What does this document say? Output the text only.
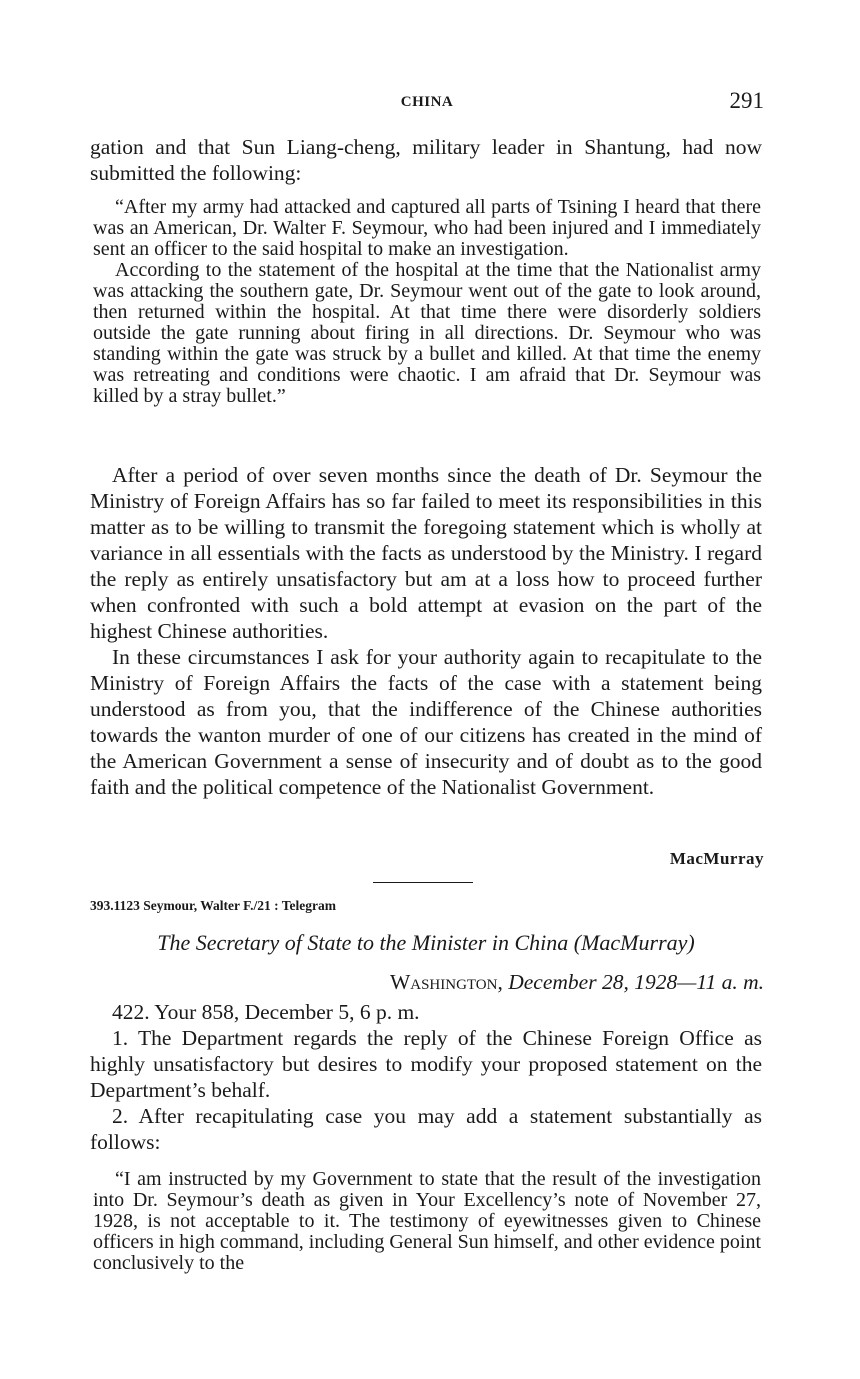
CHINA	291

gation and that Sun Liang-cheng, military leader in Shantung, had now submitted the following:

“After my army had attacked and captured all parts of Tsining I heard that there was an American, Dr. Walter F. Seymour, who had been injured and I immediately sent an officer to the said hospital to make an investigation.

According to the statement of the hospital at the time that the Nationalist army was attacking the southern gate, Dr. Seymour went out of the gate to look around, then returned within the hospital. At that time there were disorderly soldiers outside the gate running about firing in all directions. Dr. Seymour who was standing within the gate was struck by a bullet and killed. At that time the enemy was retreating and conditions were chaotic. I am afraid that Dr. Seymour was killed by a stray bullet.”

After a period of over seven months since the death of Dr. Seymour the Ministry of Foreign Affairs has so far failed to meet its responsibilities in this matter as to be willing to transmit the foregoing statement which is wholly at variance in all essentials with the facts as understood by the Ministry. I regard the reply as entirely unsatisfactory but am at a loss how to proceed further when confronted with such a bold attempt at evasion on the part of the highest Chinese authorities.

In these circumstances I ask for your authority again to recapitulate to the Ministry of Foreign Affairs the facts of the case with a statement being understood as from you, that the indifference of the Chinese authorities towards the wanton murder of one of our citizens has created in the mind of the American Government a sense of insecurity and of doubt as to the good faith and the political competence of the Nationalist Government.

MacMurray
393.1123 Seymour, Walter F./21 : Telegram
The Secretary of State to the Minister in China (MacMurray)
Washington, December 28, 1928—11 a. m.

422. Your 858, December 5, 6 p. m.

1. The Department regards the reply of the Chinese Foreign Office as highly unsatisfactory but desires to modify your proposed statement on the Department’s behalf.

2. After recapitulating case you may add a statement substantially as follows:

“I am instructed by my Government to state that the result of the investigation into Dr. Seymour’s death as given in Your Excellency’s note of November 27, 1928, is not acceptable to it. The testimony of eyewitnesses given to Chinese officers in high command, including General Sun himself, and other evidence point conclusively to the
